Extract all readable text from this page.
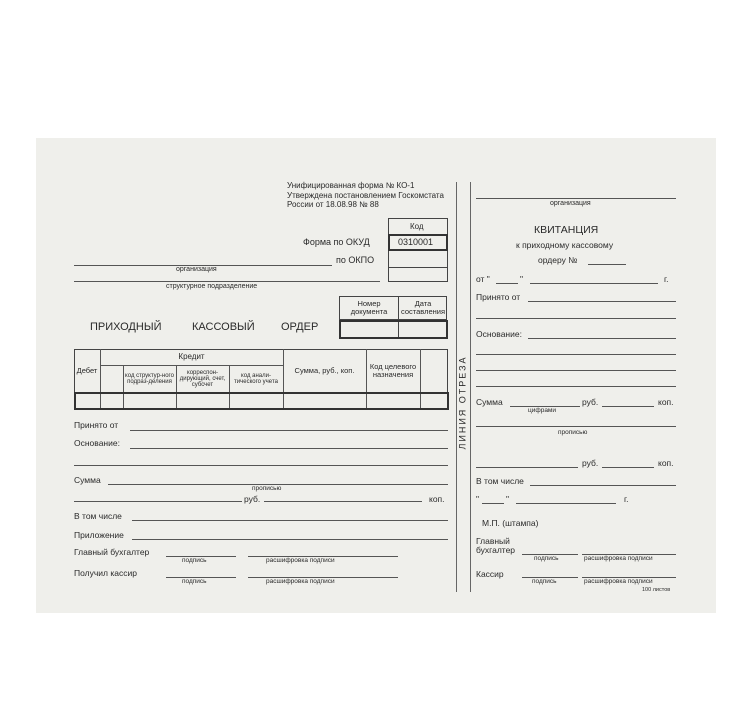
Унифицированная форма № КО-1
Утверждена постановлением Госкомстата
России от 18.08.98 № 88
Код
0310001
Форма по ОКУД
по ОКПО
организация
структурное подразделение
ПРИХОДНЫЙ	КАССОВЫЙ ОРДЕР
Номер документа
Дата составления
Дебет
Кредит
код структур-ного подраз-деления
корреспон-дирующий, счет, субсчет
код анали-тического учета
Сумма, руб., коп.	Код целевого назначения
Принято от
Основание:
Сумма
прописью
руб.	коп.
В том числе
Приложение
Главный бухгалтер
подпись	расшифровка подписи
Получил кассир
подпись	расшифровка подписи
ЛИНИЯ ОТРЕЗА
организация
КВИТАНЦИЯ
к приходному кассовому
ордеру №
от "	"	г.
Принято от
Основание:
Сумма
цифрами
руб.	коп.
прописью
руб.	коп.
В том числе
"	"	г.
М.П. (штампа)
Главный
бухгалтер
подпись	расшифровка подписи
Кассир
подпись	расшифровка подписи
100 листов
